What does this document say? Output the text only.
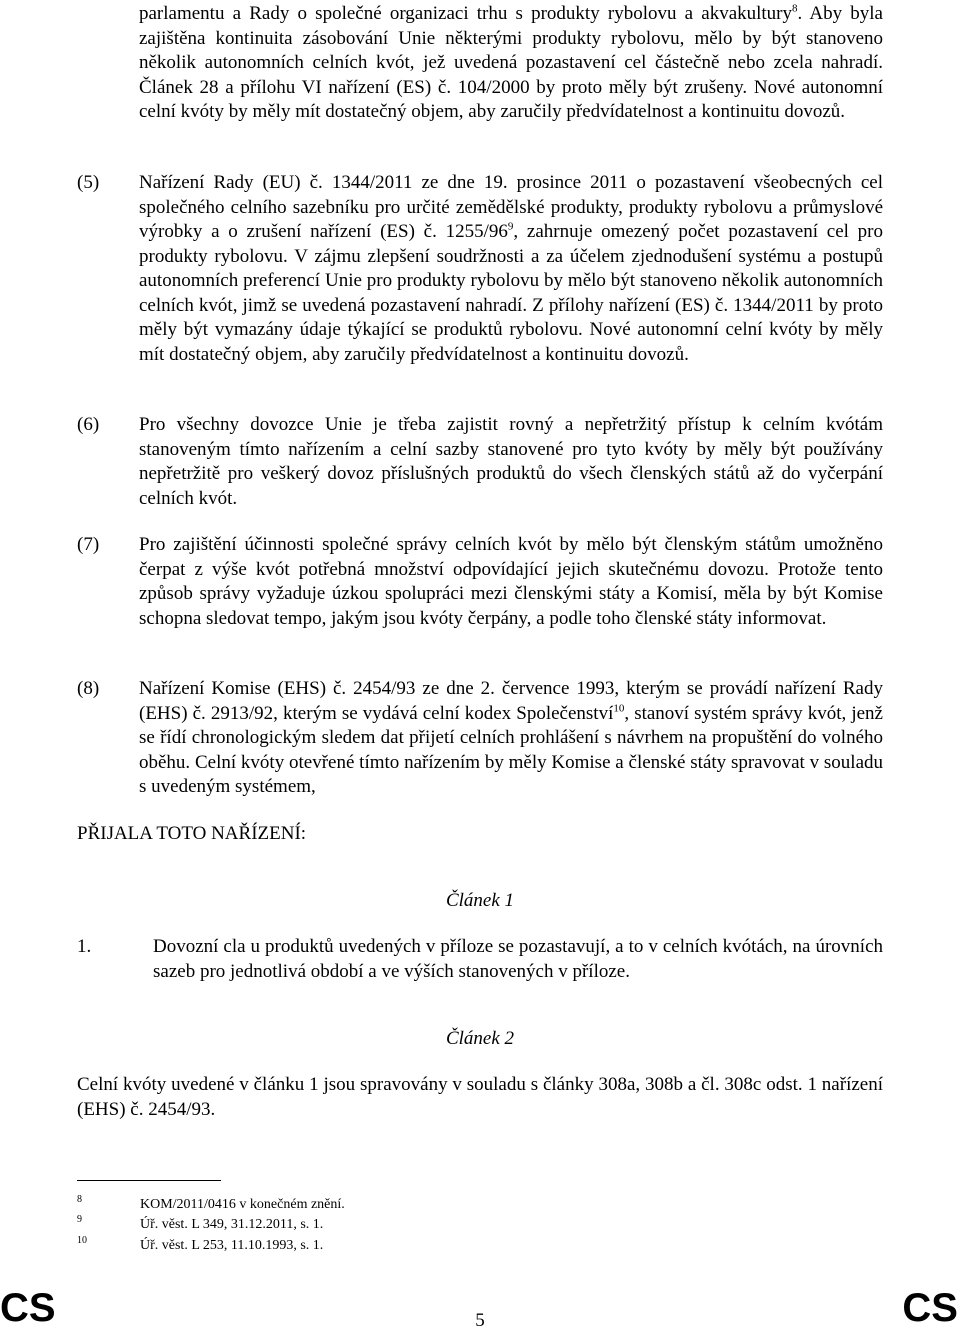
parlamentu a Rady o společné organizaci trhu s produkty rybolovu a akvakultury$^8$. Aby byla zajištěna kontinuita zásobování Unie některými produkty rybolovu, mělo by být stanoveno několik autonomních celních kvót, jež uvedená pozastavení cel částečně nebo zcela nahradí. Článek 28 a přílohu VI nařízení (ES) č. 104/2000 by proto měly být zrušeny. Nové autonomní celní kvóty by měly mít dostatečný objem, aby zaručily předvídatelnost a kontinuitu dovozů.
(5) Nařízení Rady (EU) č. 1344/2011 ze dne 19. prosince 2011 o pozastavení všeobecných cel společného celního sazebníku pro určité zemědělské produkty, produkty rybolovu a průmyslové výrobky a o zrušení nařízení (ES) č. $1255/96^9$, zahrnuje omezený počet pozastavení cel pro produkty rybolovu. V zájmu zlepšení soudržnosti a za účelem zjednodušení systému a postupů autonomních preferencí Unie pro produkty rybolovu by mělo být stanoveno několik autonomních celních kvót, jimž se uvedená pozastavení nahradí. Z přílohy nařízení (ES) č. 1344/2011 by proto měly být vymazány údaje týkající se produktů rybolovu. Nové autonomní celní kvóty by měly mít dostatečný objem, aby zaručily předvídatelnost a kontinuitu dovozů.
(6) Pro všechny dovozce Unie je třeba zajistit rovný a nepřetržitý přístup k celním kvótám stanoveným tímto nařízením a celní sazby stanovené pro tyto kvóty by měly být používány nepřetržitě pro veškerý dovoz příslušných produktů do všech členských států až do vyčerpání celních kvót.
(7) Pro zajištění účinnosti společné správy celních kvót by mělo být členským státům umožněno čerpat z výše kvót potřebná množství odpovídající jejich skutečnému dovozu. Protože tento způsob správy vyžaduje úzkou spolupráci mezi členskými státy a Komisí, měla by být Komise schopna sledovat tempo, jakým jsou kvóty čerpány, a podle toho členské státy informovat.
(8) Nařízení Komise (EHS) č. 2454/93 ze dne 2. července 1993, kterým se provádí nařízení Rady (EHS) č. 2913/92, kterým se vydává celní kodex Společenství$^{10}$, stanoví systém správy kvót, jenž se řídí chronologickým sledem dat přijetí celních prohlášení s návrhem na propuštění do volného oběhu. Celní kvóty otevřené tímto nařízením by měly Komise a členské státy spravovat v souladu s uvedeným systémem,
PŘIJALA TOTO NAŘÍZENÍ:
Článek 1
1.	Dovozní cla u produktů uvedených v příloze se pozastavují, a to v celních kvótách, na úrovních sazeb pro jednotlivá období a ve výších stanovených v příloze.
Článek 2
Celní kvóty uvedené v článku 1 jsou spravovány v souladu s články 308a, 308b a čl. 308c odst. 1 nařízení (EHS) č. 2454/93.
8	KOM/2011/0416 v konečném znění.
9	Úř. věst. L 349, 31.12.2011, s. 1.
10	Úř. věst. L 253, 11.10.1993, s. 1.
CS	5	CS
